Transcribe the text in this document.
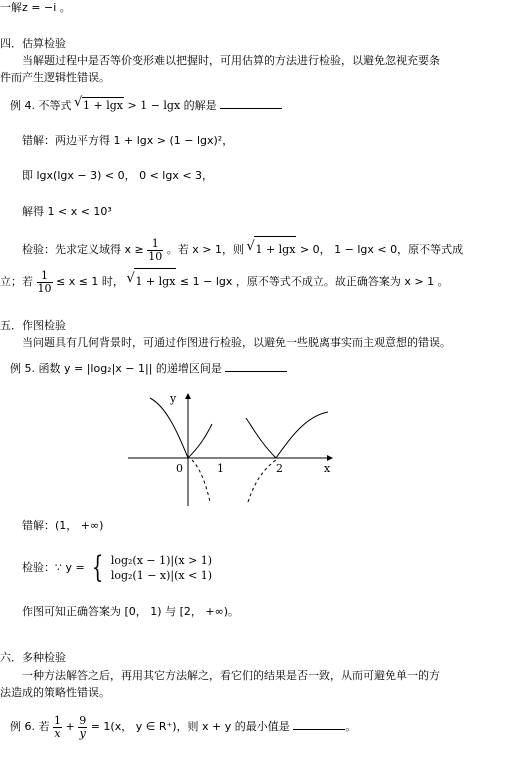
一解z = −i 。
四．估算检验
当解题过程中是否等价变形难以把握时，可用估算的方法进行检验，以避免忽视充要条
件而产生逻辑性错误。
例 4. 不等式 √ 1 + lgx > 1 − lgx 的解是
错解：两边平方得 1 + lgx > (1 − lgx)²，
即 lgx(lgx − 3) < 0， 0 < lgx < 3，
解得 1 < x < 10³
检验：先求定义域得 $x \ge \frac{1}{10}$ 。若 x > 1，则 √ 1 + lgx > 0， 1 − lgx < 0，原不等式成
立；若 $\frac{1}{10} \le x \le 1$ 时， √ 1 + lgx ≤ 1 − lgx ，原不等式不成立。故正确答案为 x > 1 。
五．作图检验
当问题具有几何背景时，可通过作图进行检验，以避免一些脱离事实而主观意想的错误。
例 5. 函数 y = |log₂|x − 1|| 的递增区间是
y
x
0	1	2
错解：(1， +∞)
检验：∵ y = { log₂(x − 1)|(x > 1)
log₂(1 − x)|(x < 1)
作图可知正确答案为 [0， 1) 与 [2， +∞)。
六．多种检验
一种方法解答之后，再用其它方法解之，看它们的结果是否一致，从而可避免单一的方
法造成的策略性错误。
例 6. 若 $\frac{1}{x} + \frac{9}{y} = 1(x$， y ∈ R⁺)，则 x + y 的最小值是	。
